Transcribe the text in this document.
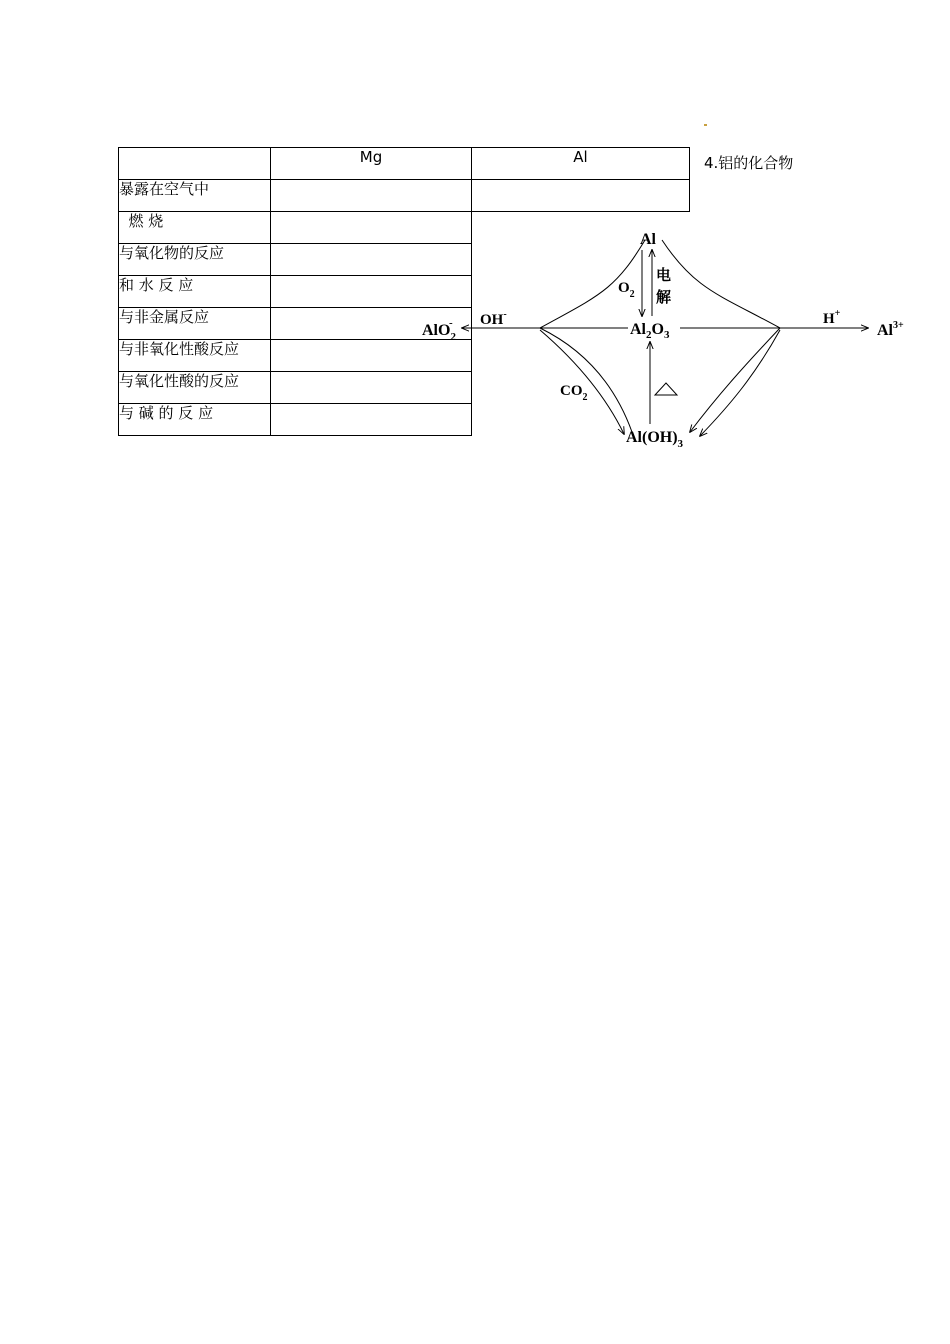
	Mg	Al
暴露在空气中		
燃 烧		
与氧化物的反应		
和 水 反 应		
与非金属反应		
与非氧化性酸反应		
与氧化性酸的反应		
与 碱 的 反 应		
4.铝的化合物
Al
$Al_2O_3$
$Al(OH)_3$
AlO$_2$-	$Al^{3+}$
$O_2$
电
解
OH-	H+
$CO_2$
